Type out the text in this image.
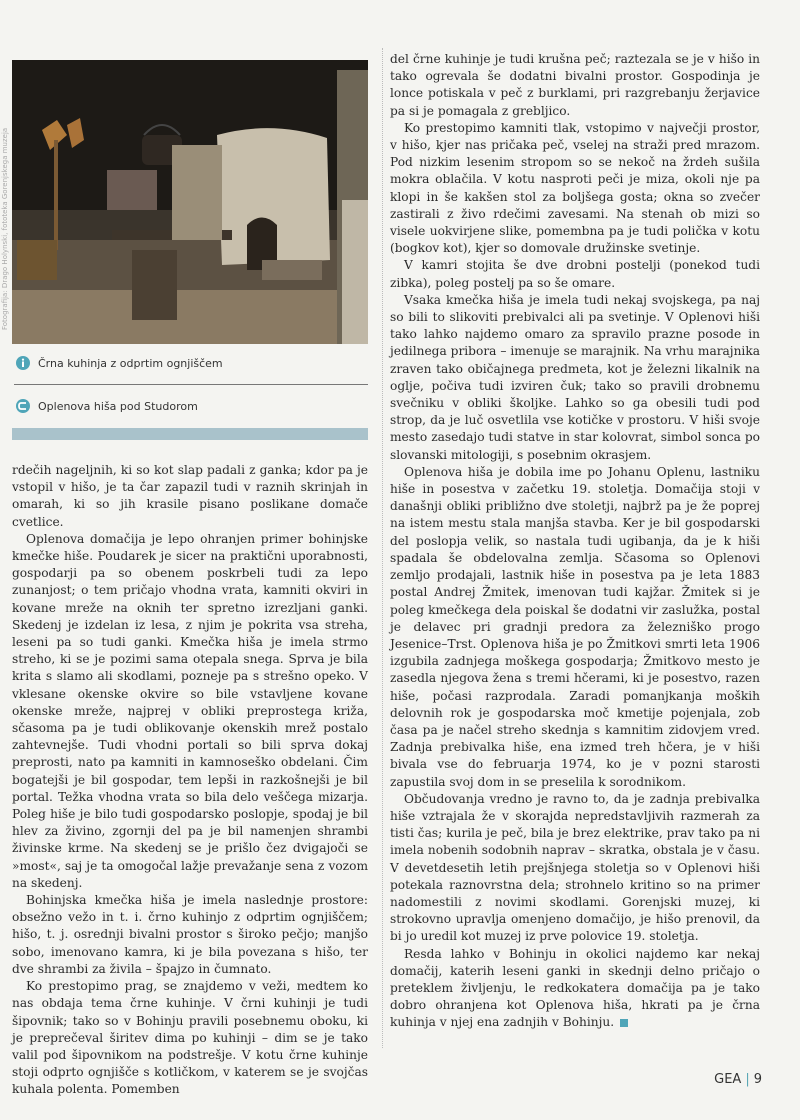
Fotografija: Drago Holynski, fototeka Gorenjskega muzeja
Črna kuhinja z odprtim ognjiščem
Oplenova hiša pod Studorom

rdečih nageljnih, ki so kot slap padali z ganka; kdor pa je vstopil v hišo, je ta čar zapazil tudi v raznih skrinjah in omarah, ki so jih krasile pisano poslikane domače cvetlice.

Oplenova domačija je lepo ohranjen primer bohinjske kmečke hiše. Poudarek je sicer na praktični uporabnosti, gospodarji pa so obenem poskrbeli tudi za lepo zunanjost; o tem pričajo vhodna vrata, kamniti okviri in kovane mreže na oknih ter spretno izrezljani ganki. Skedenj je izdelan iz lesa, z njim je pokrita vsa streha, leseni pa so tudi ganki. Kmečka hiša je imela strmo streho, ki se je pozimi sama otepala snega. Sprva je bila krita s slamo ali skodlami, pozneje pa s strešno opeko. V vklesane okenske okvire so bile vstavljene kovane okenske mreže, najprej v obliki preprostega križa, sčasoma pa je tudi oblikovanje okenskih mrež postalo zahtevnejše. Tudi vhodni portali so bili sprva dokaj preprosti, nato pa kamniti in kamnoseško obdelani. Čim bogatejši je bil gospodar, tem lepši in razkošnejši je bil portal. Težka vhodna vrata so bila delo veščega mizarja. Poleg hiše je bilo tudi gospodarsko poslopje, spodaj je bil hlev za živino, zgornji del pa je bil namenjen shrambi živinske krme. Na skedenj se je prišlo čez dvigajoči se »most«, saj je ta omogočal lažje prevažanje sena z vozom na skedenj.

Bohinjska kmečka hiša je imela naslednje prostore: obsežno vežo in t. i. črno kuhinjo z odprtim ognjiščem; hišo, t. j. osrednji bivalni prostor s široko pečjo; manjšo sobo, imenovano kamra, ki je bila povezana s hišo, ter dve shrambi za živila – špajzo in čumnato.

Ko prestopimo prag, se znajdemo v veži, medtem ko nas obdaja tema črne kuhinje. V črni kuhinji je tudi šipovnik; tako so v Bohinju pravili posebnemu oboku, ki je preprečeval širitev dima po kuhinji – dim se je tako valil pod šipovnikom na podstrešje. V kotu črne kuhinje stoji odprto ognjišče s kotličkom, v katerem se je svojčas kuhala polenta. Pomemben

del črne kuhinje je tudi krušna peč; raztezala se je v hišo in tako ogrevala še dodatni bivalni prostor. Gospodinja je lonce potiskala v peč z burklami, pri razgrebanju žerjavice pa si je pomagala z grebljico.

Ko prestopimo kamniti tlak, vstopimo v največji prostor, v hišo, kjer nas pričaka peč, vselej na straži pred mrazom. Pod nizkim lesenim stropom so se nekoč na žrdeh sušila mokra oblačila. V kotu nasproti peči je miza, okoli nje pa klopi in še kakšen stol za boljšega gosta; okna so zvečer zastirali z živo rdečimi zavesami. Na stenah ob mizi so visele uokvirjene slike, pomembna pa je tudi polička v kotu (bogkov kot), kjer so domovale družinske svetinje.

V kamri stojita še dve drobni postelji (ponekod tudi zibka), poleg postelj pa so še omare.

Vsaka kmečka hiša je imela tudi nekaj svojskega, pa naj so bili to slikoviti prebivalci ali pa svetinje. V Oplenovi hiši tako lahko najdemo omaro za spravilo prazne posode in jedilnega pribora – imenuje se marajnik. Na vrhu marajnika zraven tako običajnega predmeta, kot je železni likalnik na oglje, počiva tudi izviren čuk; tako so pravili drobnemu svečniku v obliki školjke. Lahko so ga obesili tudi pod strop, da je luč osvetlila vse kotičke v prostoru. V hiši svoje mesto zasedajo tudi statve in star kolovrat, simbol sonca po slovanski mitologiji, s posebnim okrasjem.

Oplenova hiša je dobila ime po Johanu Oplenu, lastniku hiše in posestva v začetku 19. stoletja. Domačija stoji v današnji obliki približno dve stoletji, najbrž pa je že poprej na istem mestu stala manjša stavba. Ker je bil gospodarski del poslopja velik, so nastala tudi ugibanja, da je k hiši spadala še obdelovalna zemlja. Sčasoma so Oplenovi zemljo prodajali, lastnik hiše in posestva pa je leta 1883 postal Andrej Žmitek, imenovan tudi kajžar. Žmitek si je poleg kmečkega dela poiskal še dodatni vir zaslužka, postal je delavec pri gradnji predora za železniško progo Jesenice–Trst. Oplenova hiša je po Žmitkovi smrti leta 1906 izgubila zadnjega moškega gospodarja; Žmitkovo mesto je zasedla njegova žena s tremi hčerami, ki je posestvo, razen hiše, počasi razprodala. Zaradi pomanjkanja moških delovnih rok je gospodarska moč kmetije pojenjala, zob časa pa je načel streho skednja s kamnitim zidovjem vred. Zadnja prebivalka hiše, ena izmed treh hčera, je v hiši bivala vse do februarja 1974, ko je v pozni starosti zapustila svoj dom in se preselila k sorodnikom.

Občudovanja vredno je ravno to, da je zadnja prebivalka hiše vztrajala že v skorajda nepredstavljivih razmerah za tisti čas; kurila je peč, bila je brez elektrike, prav tako pa ni imela nobenih sodobnih naprav – skratka, obstala je v času. V devetdesetih letih prejšnjega stoletja so v Oplenovi hiši potekala raznovrstna dela; strohnelo kritino so na primer nadomestili z novimi skodlami. Gorenjski muzej, ki strokovno upravlja omenjeno domačijo, je hišo prenovil, da bi jo uredil kot muzej iz prve polovice 19. stoletja.

Resda lahko v Bohinju in okolici najdemo kar nekaj domačij, katerih leseni ganki in skednji delno pričajo o preteklem življenju, le redkokatera domačija pa je tako dobro ohranjena kot Oplenova hiša, hkrati pa je črna kuhinja v njej ena zadnjih v Bohinju.

GEA | 9
